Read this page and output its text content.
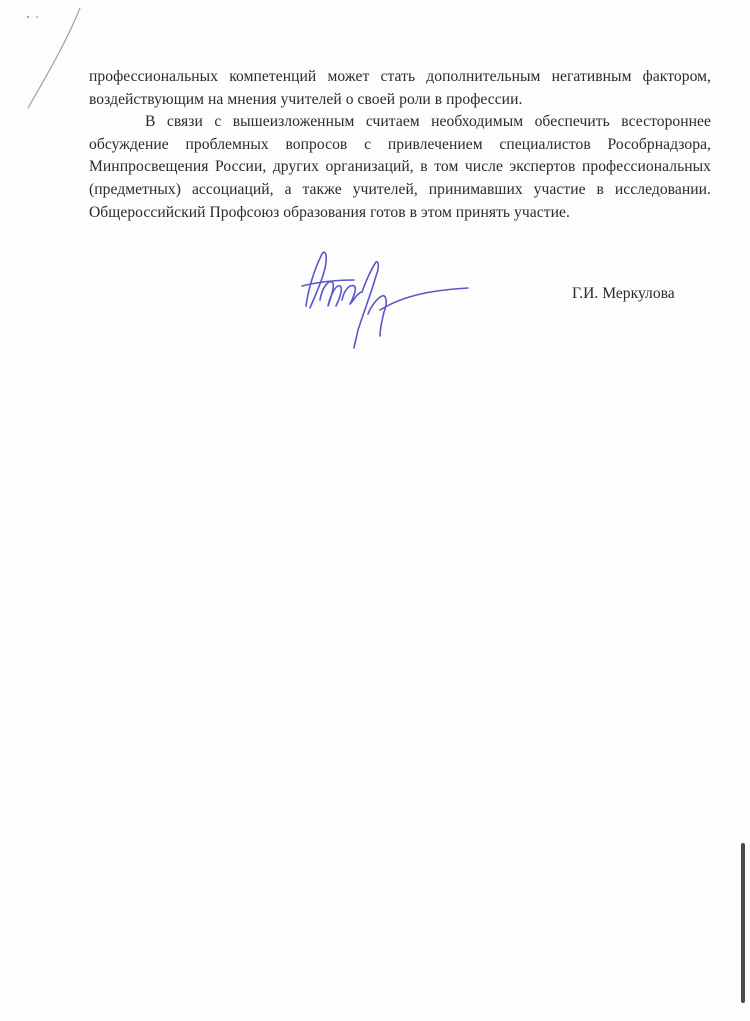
профессиональных компетенций может стать дополнительным негативным фактором, воздействующим на мнения учителей о своей роли в профессии.

В связи с вышеизложенным считаем необходимым обеспечить всестороннее обсуждение проблемных вопросов с привлечением специалистов Рособрнадзора, Минпросвещения России, других организаций, в том числе экспертов профессиональных (предметных) ассоциаций, а также учителей, принимавших участие в исследовании. Общероссийский Профсоюз образования готов в этом принять участие.

Г.И. Меркулова
